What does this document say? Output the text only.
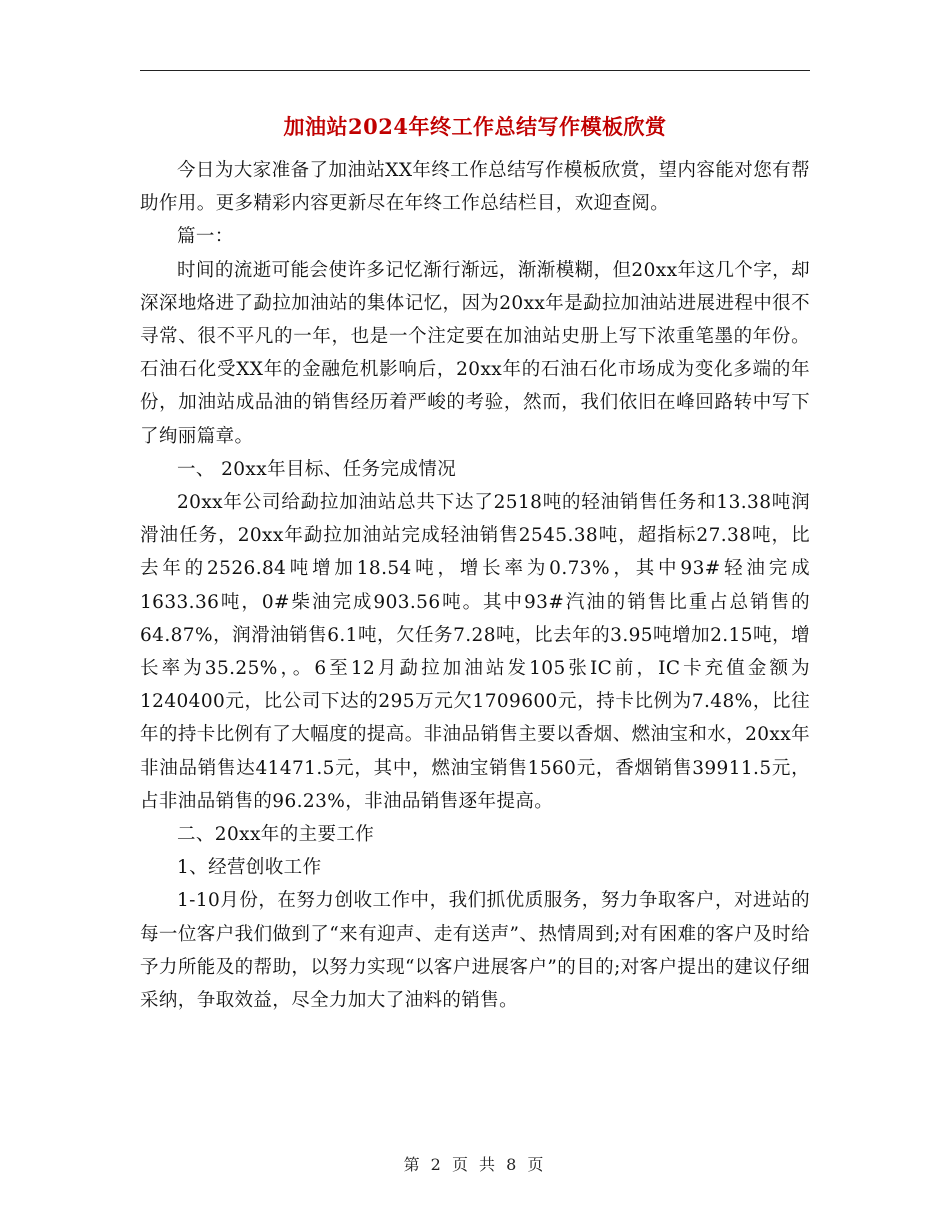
加油站2024年终工作总结写作模板欣赏

今日为大家准备了加油站XX年终工作总结写作模板欣赏，望内容能对您有帮助作用。更多精彩内容更新尽在年终工作总结栏目，欢迎查阅。

篇一：

时间的流逝可能会使许多记忆渐行渐远，渐渐模糊，但20xx年这几个字，却深深地烙进了勐拉加油站的集体记忆，因为20xx年是勐拉加油站进展进程中很不寻常、很不平凡的一年，也是一个注定要在加油站史册上写下浓重笔墨的年份。石油石化受XX年的金融危机影响后，20xx年的石油石化市场成为变化多端的年份，加油站成品油的销售经历着严峻的考验，然而，我们依旧在峰回路转中写下了绚丽篇章。

一、 20xx年目标、任务完成情况

20xx年公司给勐拉加油站总共下达了2518吨的轻油销售任务和13.38吨润滑油任务，20xx年勐拉加油站完成轻油销售2545.38吨，超指标27.38吨，比去年的2526.84吨增加18.54吨，增长率为0.73%，其中93#轻油完成1633.36吨，0#柴油完成903.56吨。其中93#汽油的销售比重占总销售的64.87%，润滑油销售6.1吨，欠任务7.28吨，比去年的3.95吨增加2.15吨，增长率为35.25%，。6至12月勐拉加油站发105张IC前，IC卡充值金额为1240400元，比公司下达的295万元欠1709600元，持卡比例为7.48%，比往年的持卡比例有了大幅度的提高。非油品销售主要以香烟、燃油宝和水，20xx年非油品销售达41471.5元，其中，燃油宝销售1560元，香烟销售39911.5元，占非油品销售的96.23%，非油品销售逐年提高。

二、20xx年的主要工作

1、经营创收工作

1-10月份，在努力创收工作中，我们抓优质服务，努力争取客户，对进站的每一位客户我们做到了“来有迎声、走有送声”、热情周到;对有困难的客户及时给予力所能及的帮助，以努力实现“以客户进展客户”的目的;对客户提出的建议仔细采纳，争取效益，尽全力加大了油料的销售。

第 2 页 共 8 页
